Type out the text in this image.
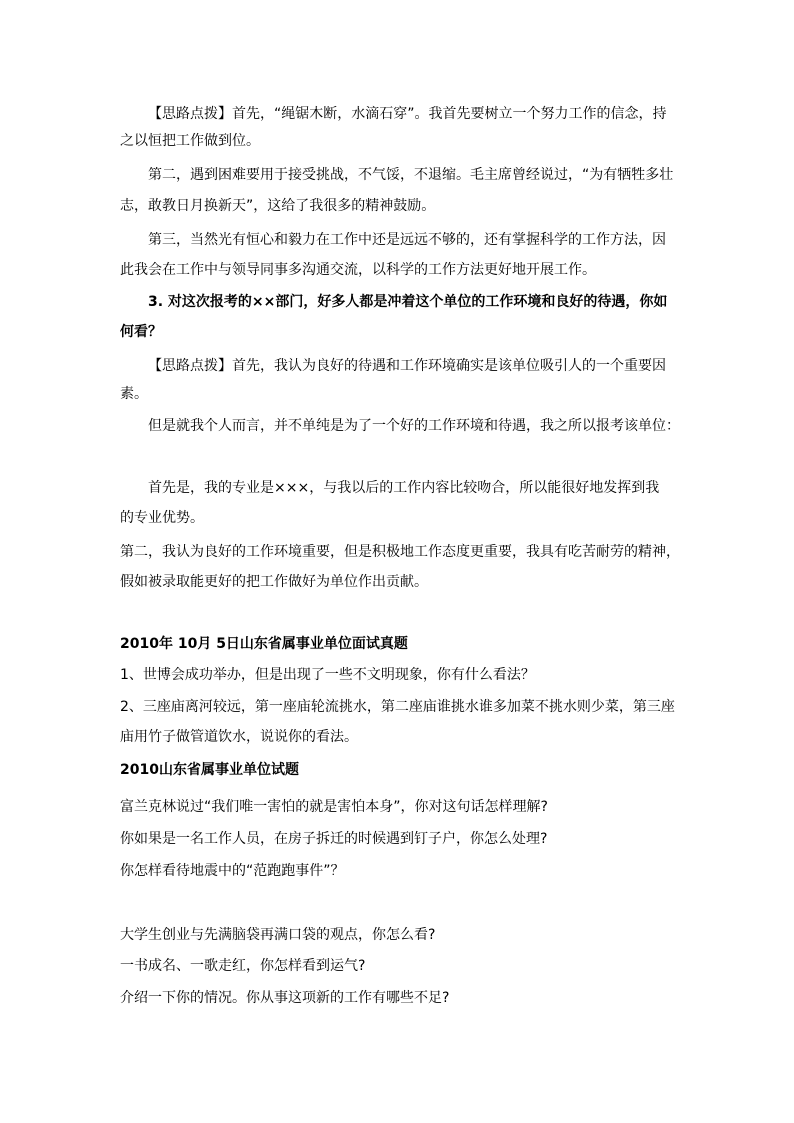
【思路点拨】首先，“绳锯木断，水滴石穿”。我首先要树立一个努力工作的信念，持
之以恒把工作做到位。
第二，遇到困难要用于接受挑战，不气馁，不退缩。毛主席曾经说过，“为有牺牲多壮
志，敢教日月换新天”，这给了我很多的精神鼓励。
第三，当然光有恒心和毅力在工作中还是远远不够的，还有掌握科学的工作方法，因
此我会在工作中与领导同事多沟通交流，以科学的工作方法更好地开展工作。
3. 对这次报考的××部门，好多人都是冲着这个单位的工作环境和良好的待遇，你如
何看？
【思路点拨】首先，我认为良好的待遇和工作环境确实是该单位吸引人的一个重要因
素。
但是就我个人而言，并不单纯是为了一个好的工作环境和待遇，我之所以报考该单位：
首先是，我的专业是×××，与我以后的工作内容比较吻合，所以能很好地发挥到我
的专业优势。
第二，我认为良好的工作环境重要，但是积极地工作态度更重要，我具有吃苦耐劳的精神，
假如被录取能更好的把工作做好为单位作出贡献。
2010年 10月 5日山东省属事业单位面试真题
1、世博会成功举办，但是出现了一些不文明现象，你有什么看法？
2、三座庙离河较远，第一座庙轮流挑水，第二座庙谁挑水谁多加菜不挑水则少菜，第三座
庙用竹子做管道饮水，说说你的看法。
2010山东省属事业单位试题
富兰克林说过“我们唯一害怕的就是害怕本身”，你对这句话怎样理解?
你如果是一名工作人员，在房子拆迁的时候遇到钉子户，你怎么处理?
你怎样看待地震中的“范跑跑事件”？
大学生创业与先满脑袋再满口袋的观点，你怎么看?
一书成名、一歌走红，你怎样看到运气?
介绍一下你的情况。你从事这项新的工作有哪些不足?
